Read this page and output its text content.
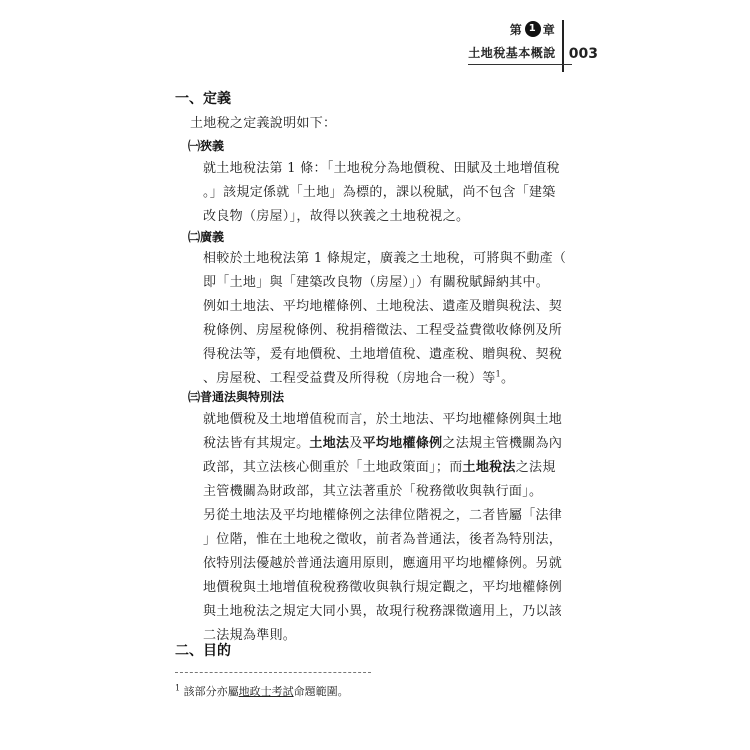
第 1 章
土地稅基本概說 003
一、定義
土地稅之定義說明如下：
㈠狹義
就土地稅法第 1 條：「土地稅分為地價稅、田賦及土地增值稅
。」該規定係就「土地」為標的，課以稅賦，尚不包含「建築
改良物（房屋）」，故得以狹義之土地稅視之。
㈡廣義
相較於土地稅法第 1 條規定，廣義之土地稅，可將與不動產（
即「土地」與「建築改良物（房屋）」）有關稅賦歸納其中。
例如土地法、平均地權條例、土地稅法、遺產及贈與稅法、契
稅條例、房屋稅條例、稅捐稽徵法、工程受益費徵收條例及所
得稅法等，爰有地價稅、土地增值稅、遺產稅、贈與稅、契稅
、房屋稅、工程受益費及所得稅（房地合一稅）等$^1$。
㈢普通法與特別法
就地價稅及土地增值稅而言，於土地法、平均地權條例與土地
稅法皆有其規定。土地法及平均地權條例之法規主管機關為內
政部，其立法核心側重於「土地政策面」；而土地稅法之法規
主管機關為財政部，其立法著重於「稅務徵收與執行面」。
另從土地法及平均地權條例之法律位階視之，二者皆屬「法律
」位階，惟在土地稅之徵收，前者為普通法，後者為特別法，
依特別法優越於普通法適用原則，應適用平均地權條例。另就
地價稅與土地增值稅稅務徵收與執行規定觀之，平均地權條例
與土地稅法之規定大同小異，故現行稅務課徵適用上，乃以該
二法規為準則。
二、目的
$^1$ 該部分亦屬地政士考試命題範圍。
